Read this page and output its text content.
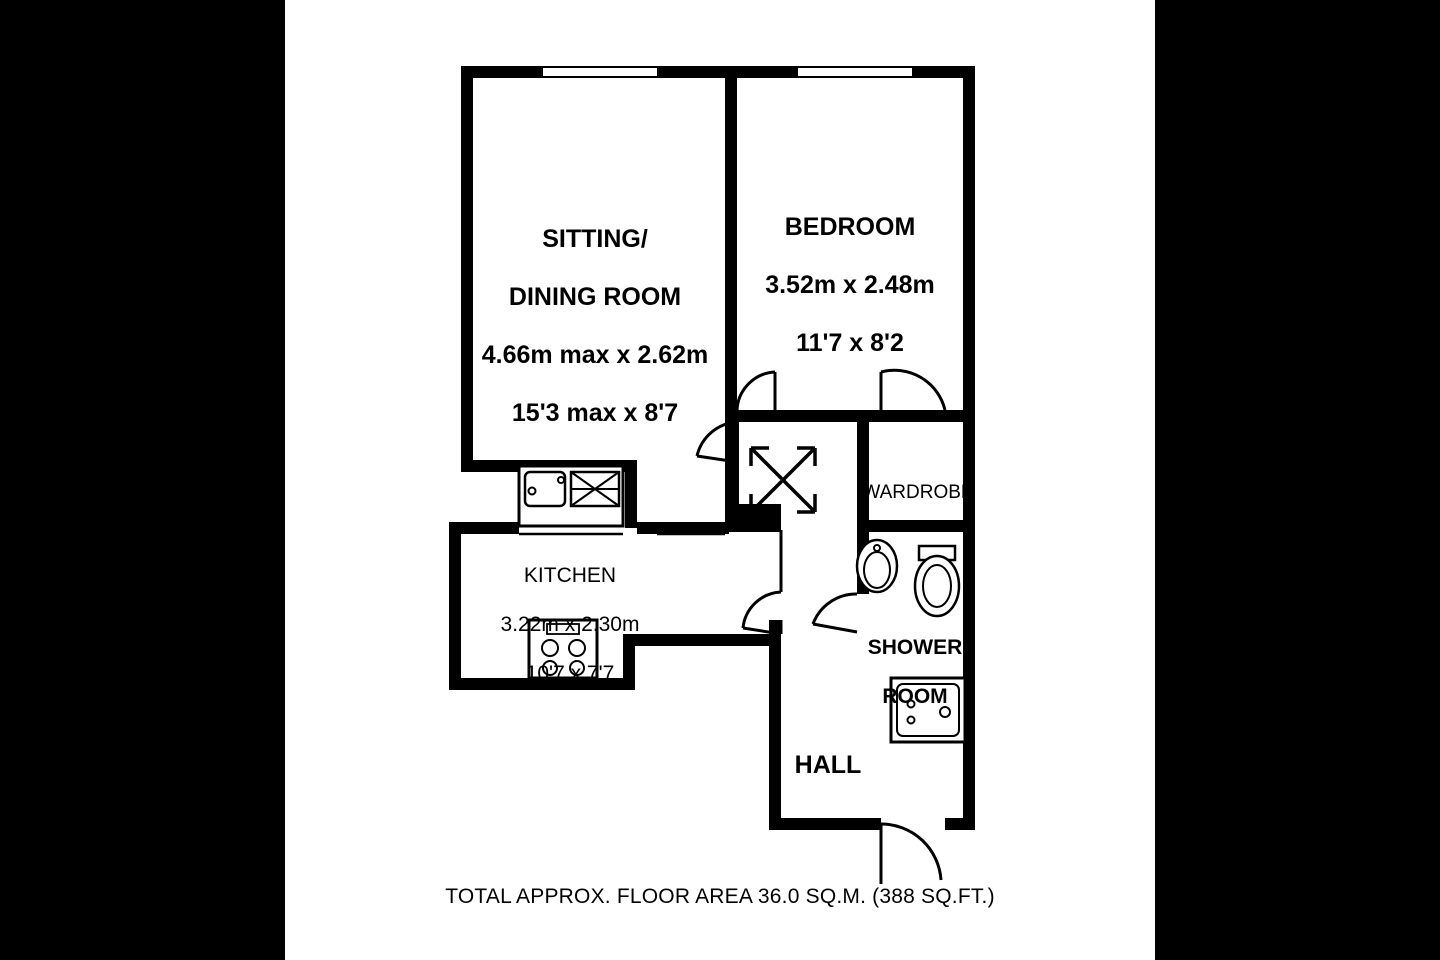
SITTING/

DINING ROOM

4.66m max x 2.62m

15'3 max x 8'7

BEDROOM

3.52m x 2.48m

11'7 x 8'2

KITCHEN

3.22m x 2.30m

10'7 x 7'7

WARDROBE

SHOWER

ROOM

HALL

TOTAL APPROX. FLOOR AREA 36.0 SQ.M. (388 SQ.FT.)
